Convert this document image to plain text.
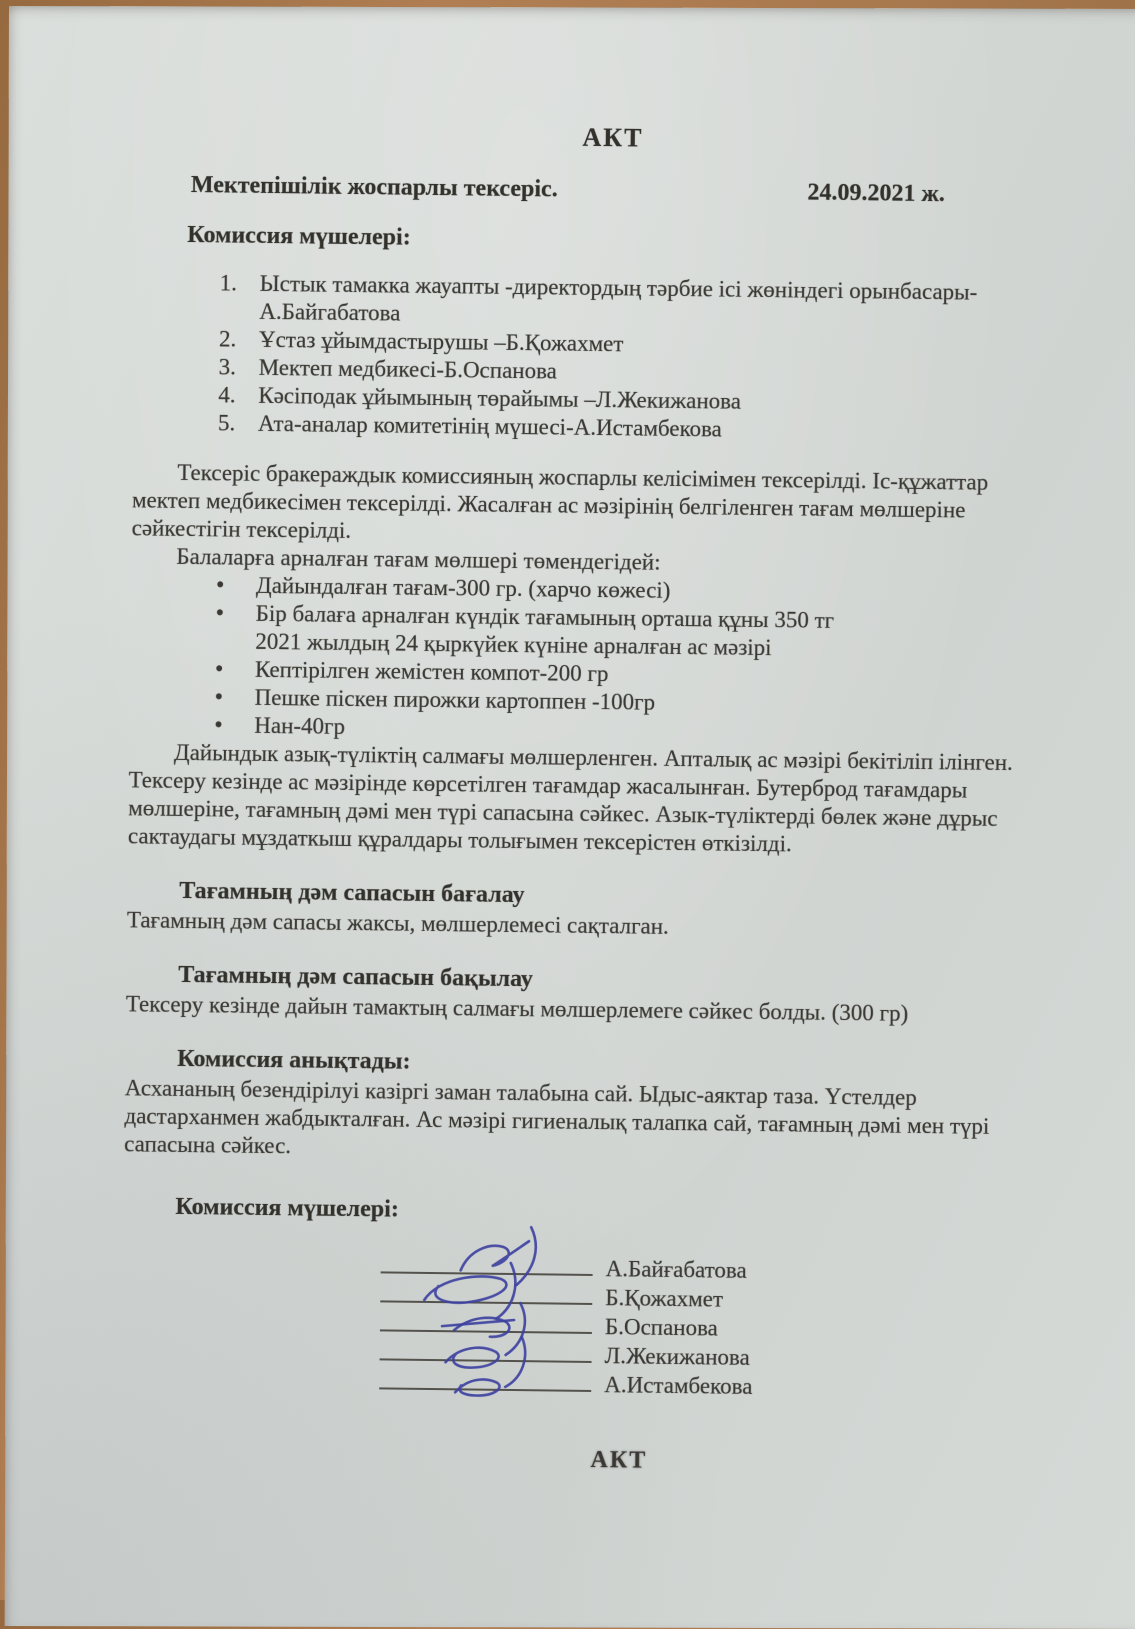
АКТ
Мектепішілік жоспарлы тексеріс.	24.09.2021 ж.
Комиссия мүшелері:
1. Ыстык тамакка жауапты -директордың тәрбие ісі жөніндегі орынбасары- А.Байгабатова
2. Ұстаз ұйымдастырушы –Б.Қожахмет
3. Мектеп медбикесі-Б.Оспанова
4. Кәсіподак ұйымының төрайымы –Л.Жекижанова
5. Ата-аналар комитетінің мүшесі-А.Истамбекова

Тексеріс бракераждык комиссияның жоспарлы келісімімен тексерілді. Іс-құжаттар мектеп медбикесімен тексерілді. Жасалған ас мәзірінің белгіленген тағам мөлшеріне сәйкестігін тексерілді.

Балаларға арналған тағам мөлшері төмендегідей:

•
Дайындалған тағам-300 гр. (харчо көжесі)
•
Бір балаға арналған күндік тағамының орташа құны 350 тг
2021 жылдың 24 қыркүйек күніне арналған ас мәзірі
•
Кептірілген жемістен компот-200 гр
•
Пешке піскен пирожки картоппен -100гр
•
Нан-40гр

Дайындык азық-түліктің салмағы мөлшерленген. Апталық ас мәзірі бекітіліп ілінген. Тексеру кезінде ас мәзірінде көрсетілген тағамдар жасалынған. Бутерброд тағамдары мөлшеріне, тағамның дәмі мен түрі сапасына сәйкес. Азык-түліктерді бөлек және дұрыс сактаудагы мұздаткыш құралдары толығымен тексерістен өткізілді.

Тағамның дәм сапасын бағалау

Тағамның дәм сапасы жаксы, мөлшерлемесі сақталган.

Тағамның дәм сапасын бақылау

Тексеру кезінде дайын тамактың салмағы мөлшерлемеге сәйкес болды. (300 гр)

Комиссия анықтады:

Асхананың безендірілуі казіргі заман талабына сай. Ыдыс-аяктар таза. Үстелдер дастарханмен жабдыкталған. Ас мәзірі гигиеналық талапка сай, тағамның дәмі мен түрі сапасына сәйкес.

Комиссия мүшелері:
А.Байғабатова
Б.Қожахмет
Б.Оспанова
Л.Жекижанова
А.Истамбекова
АКТ
